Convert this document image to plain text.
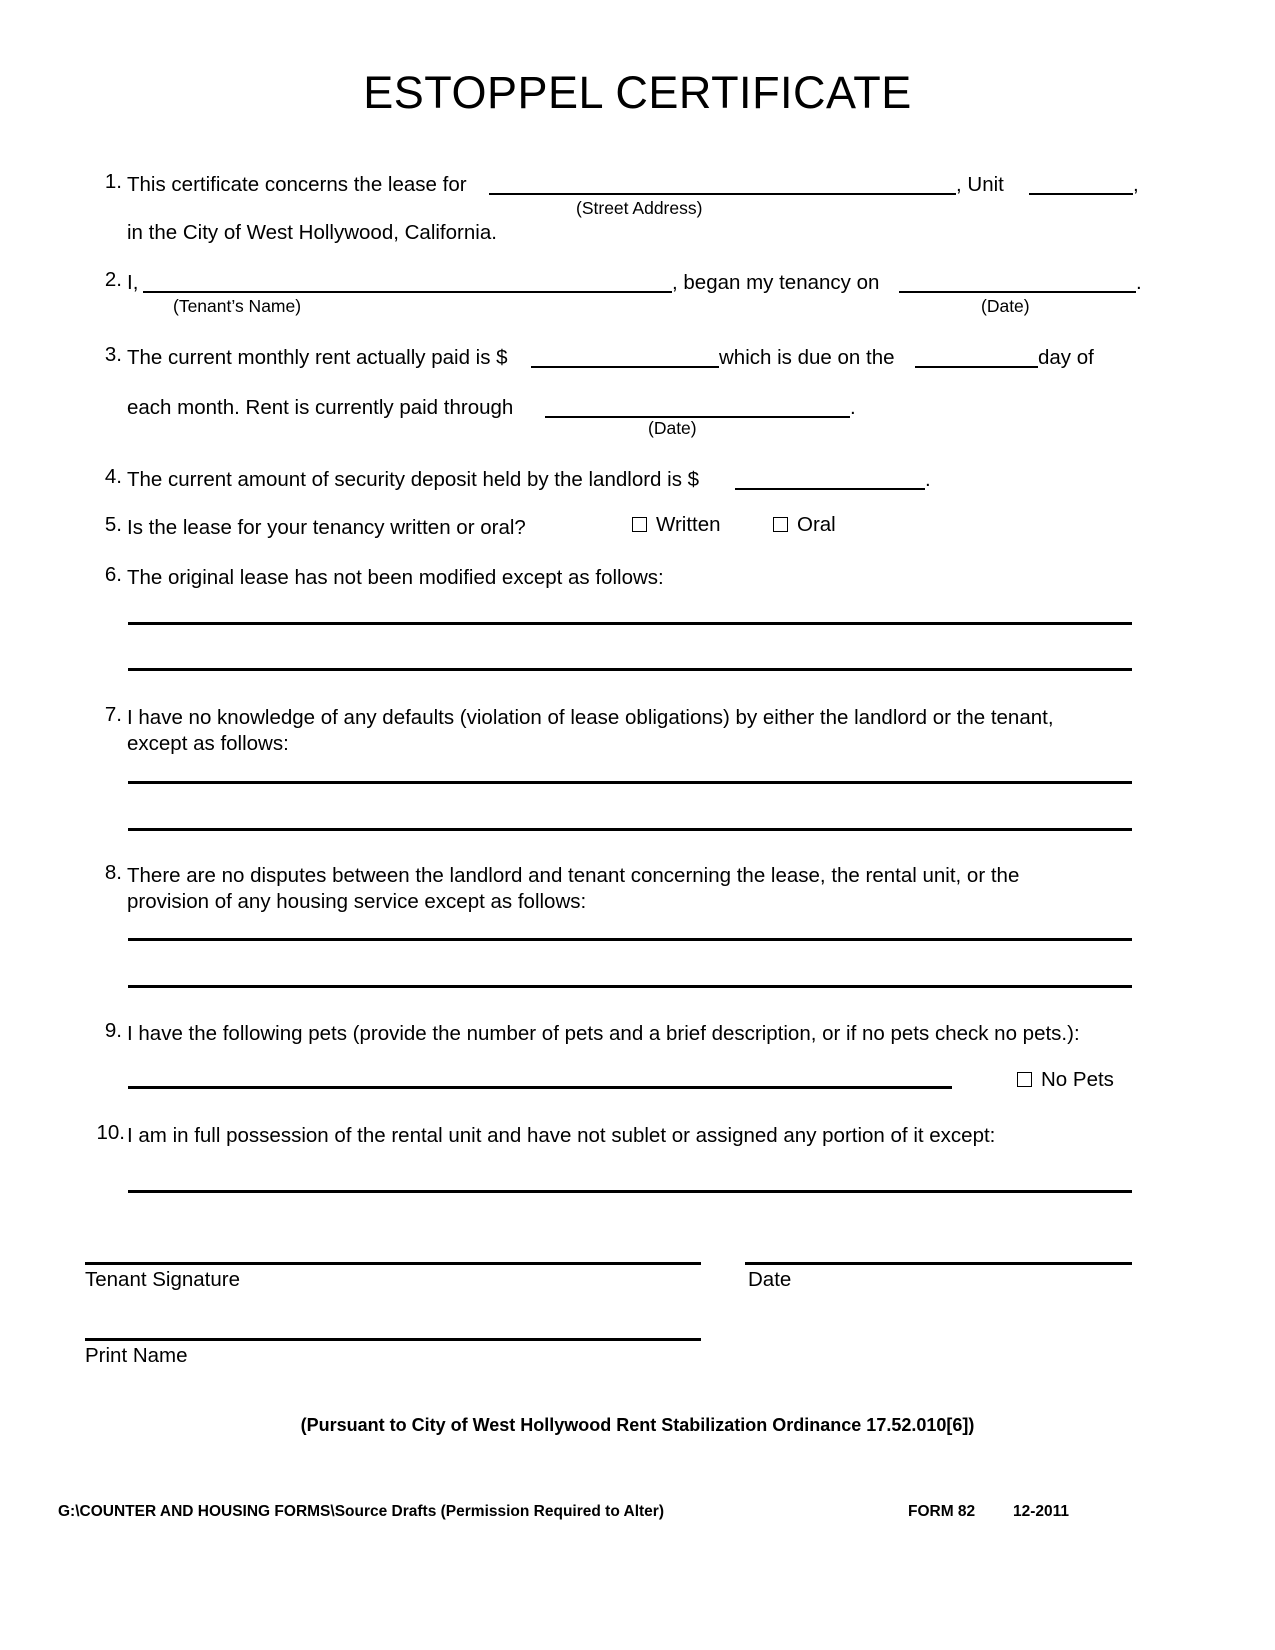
ESTOPPEL CERTIFICATE
1. This certificate concerns the lease for	, Unit	,
(Street Address)
in the City of West Hollywood, California.
2. I,	, began my tenancy on	.
(Tenant’s Name)	(Date)
3. The current monthly rent actually paid is $	which is due on the	day of
each month. Rent is currently paid through	.
(Date)
4. The current amount of security deposit held by the landlord is $	.
5. Is the lease for your tenancy written or oral?	Written	Oral
6. The original lease has not been modified except as follows:
7. I have no knowledge of any defaults (violation of lease obligations) by either the landlord or the tenant,
except as follows:
8. There are no disputes between the landlord and tenant concerning the lease, the rental unit, or the
provision of any housing service except as follows:
9. I have the following pets (provide the number of pets and a brief description, or if no pets check no pets.):
No Pets
10. I am in full possession of the rental unit and have not sublet or assigned any portion of it except:
Tenant Signature	Date
Print Name
(Pursuant to City of West Hollywood Rent Stabilization Ordinance 17.52.010[6])
G:\COUNTER AND HOUSING FORMS\Source Drafts (Permission Required to Alter)	FORM 82 12-2011
